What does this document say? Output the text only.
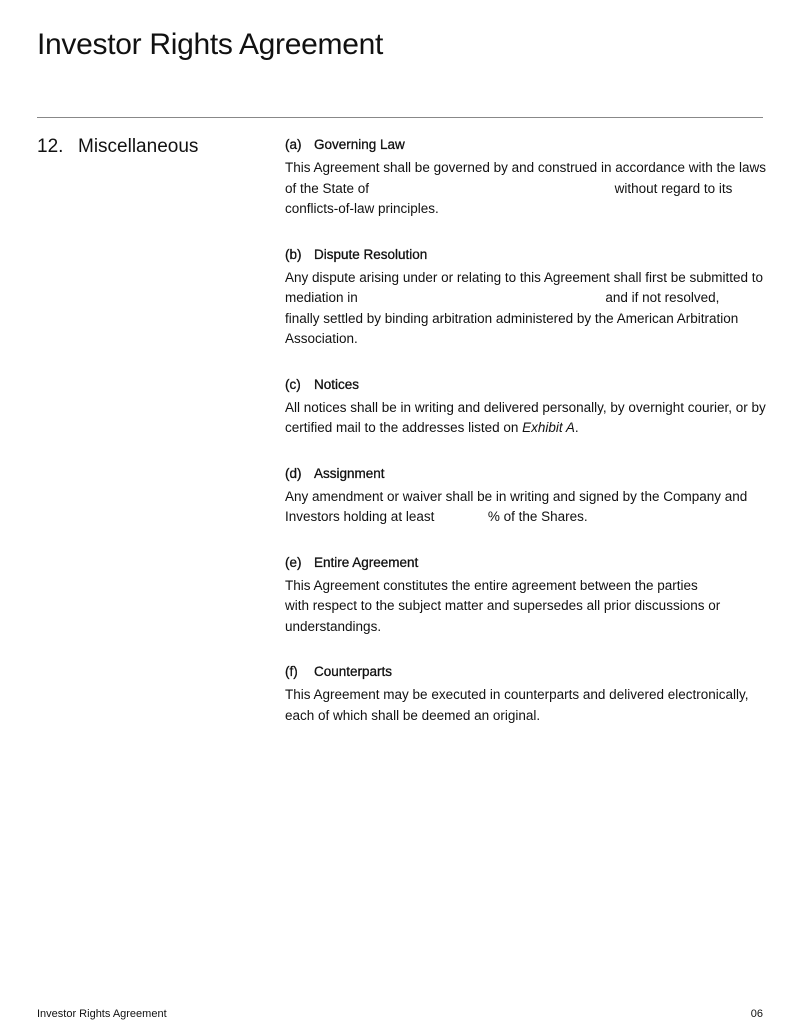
Investor Rights Agreement
12. Miscellaneous	(a) Governing Law
This Agreement shall be governed by and construed in accordance with the laws of the State of	without regard to its conflicts-of-law principles.
(b) Dispute Resolution
Any dispute arising under or relating to this Agreement shall first be submitted to mediation in	and if not resolved,
finally settled by binding arbitration administered by the American Arbitration Association.
(c) Notices
All notices shall be in writing and delivered personally, by overnight courier, or by certified mail to the addresses listed on Exhibit A.
(d) Assignment
Any amendment or waiver shall be in writing and signed by the Company and Investors holding at least	% of the Shares.
(e) Entire Agreement
This Agreement constitutes the entire agreement between the parties
with respect to the subject matter and supersedes all prior discussions or understandings.
(f)	Counterparts
This Agreement may be executed in counterparts and delivered electronically, each of which shall be deemed an original.
Investor Rights Agreement	06
